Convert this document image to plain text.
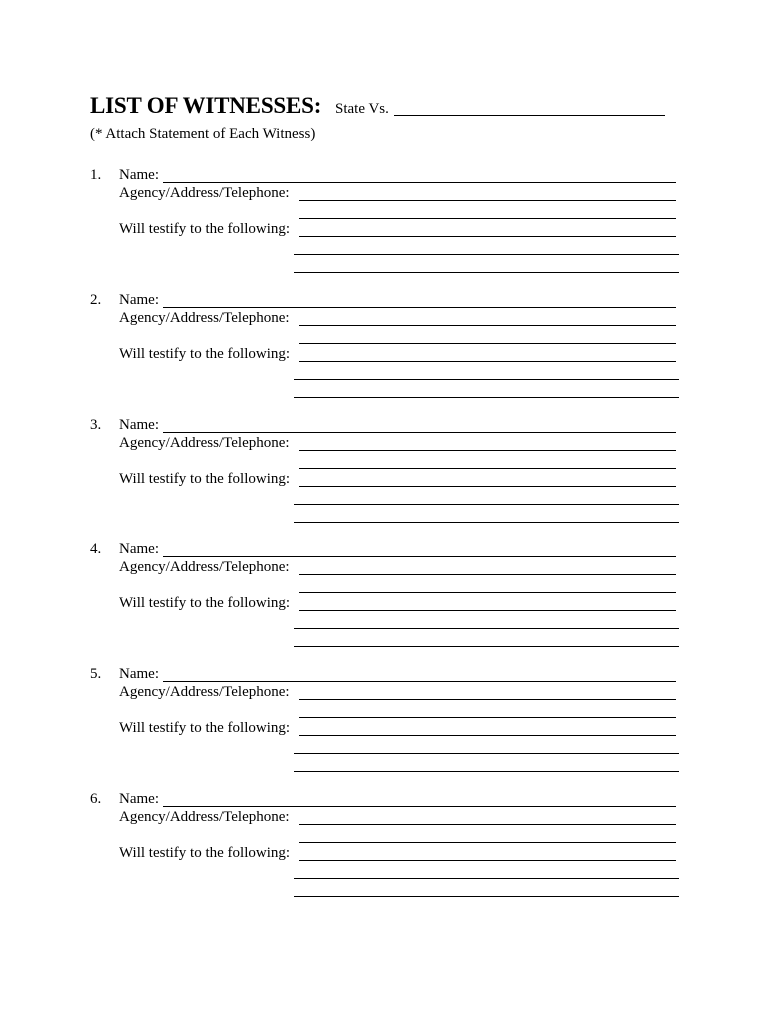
LIST OF WITNESSES: State Vs.
(* Attach Statement of Each Witness)
1. Name:
Agency/Address/Telephone:
Will testify to the following:
2. Name:
Agency/Address/Telephone:
Will testify to the following:
3. Name:
Agency/Address/Telephone:
Will testify to the following:
4. Name:
Agency/Address/Telephone:
Will testify to the following:
5. Name:
Agency/Address/Telephone:
Will testify to the following:
6. Name:
Agency/Address/Telephone:
Will testify to the following:
